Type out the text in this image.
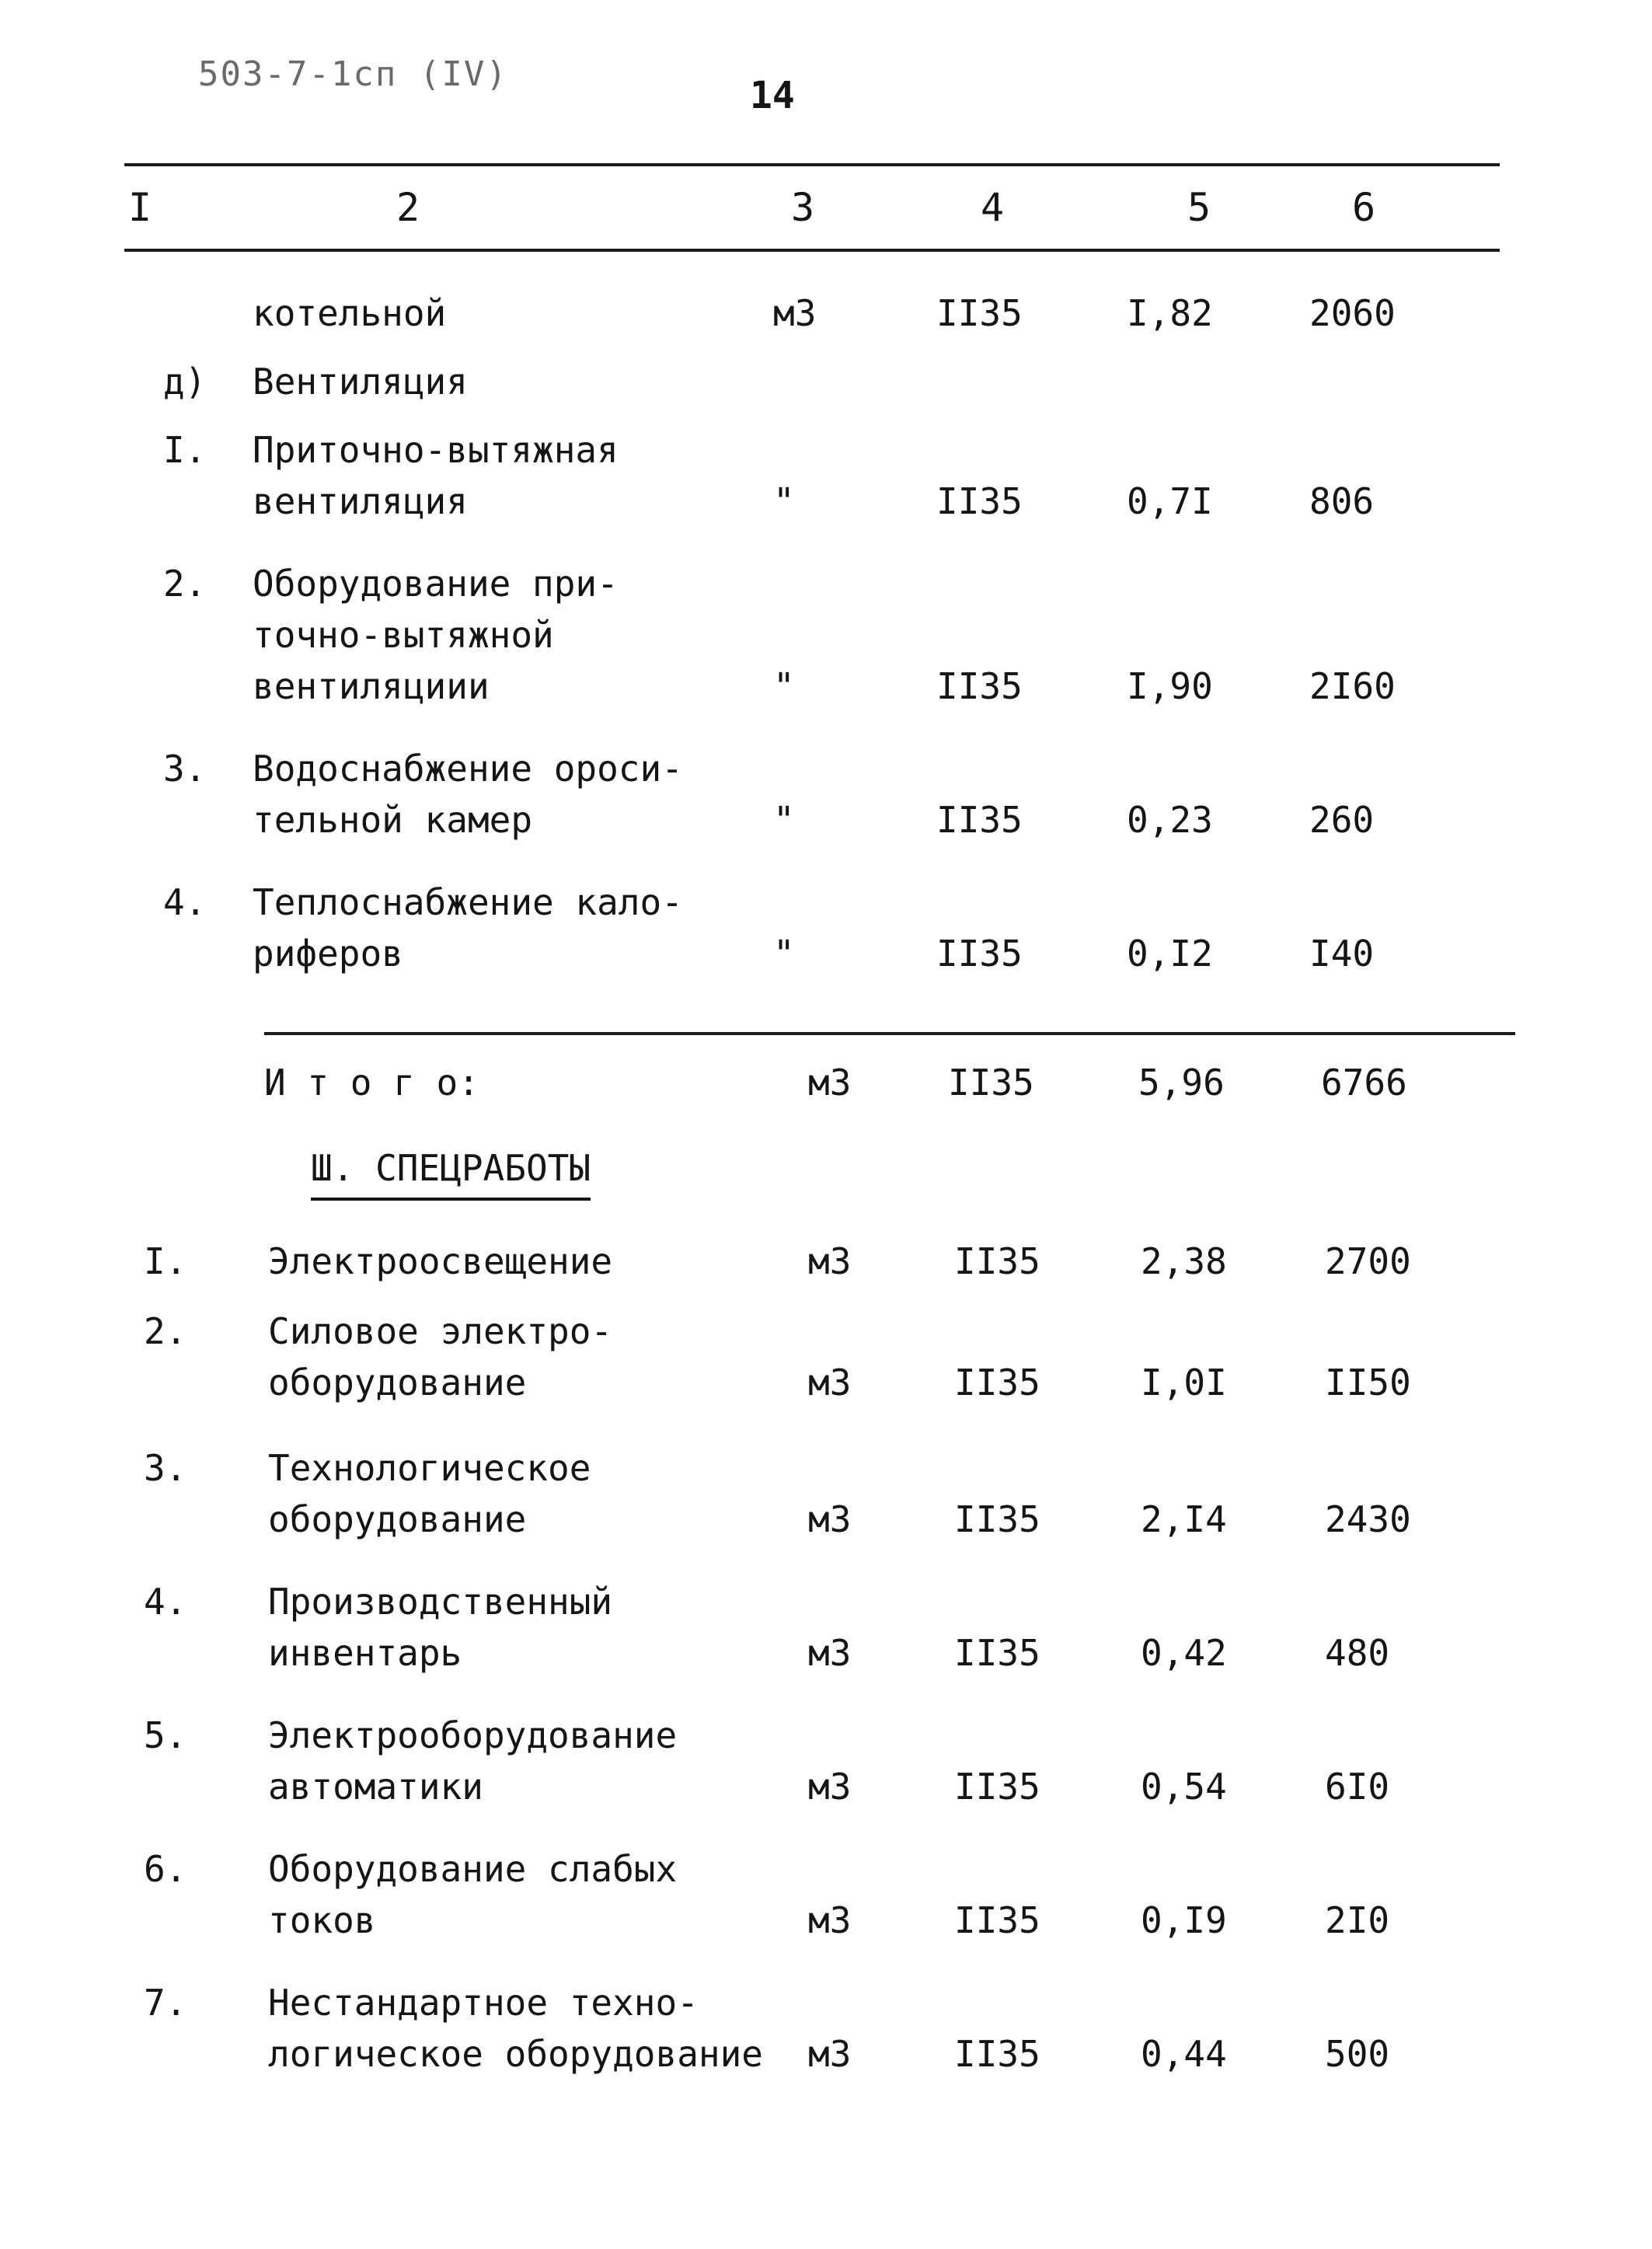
503-7-1сп (IV)	14
I	2	3	4	5	6
котельной	м3	II35	I,82	2060
д) Вентиляция
I. Приточно-вытяжная
вентиляция	"	II35	0,7I	806
2. Оборудование при-
точно-вытяжной
вентиляциии	"	II35	I,90	2I60
3. Водоснабжение ороси-
тельной камер	"	II35	0,23	260
4. Теплоснабжение кало-
риферов	"	II35	0,I2	I40
И т о г о:	м3	II35	5,96	6766
Ш. СПЕЦРАБОТЫ
I. Электроосвещение	м3	II35	2,38	2700
2. Силовое электро-
оборудование	м3	II35	I,0I	II50
3. Технологическое
оборудование	м3	II35	2,I4	2430
4. Производственный
инвентарь	м3	II35	0,42	480
5. Электрооборудование
автоматики	м3	II35	0,54	6I0
6. Оборудование слабых
токов	м3	II35	0,I9	2I0
7. Нестандартное техно-
логическое оборудование м3	II35	0,44	500
